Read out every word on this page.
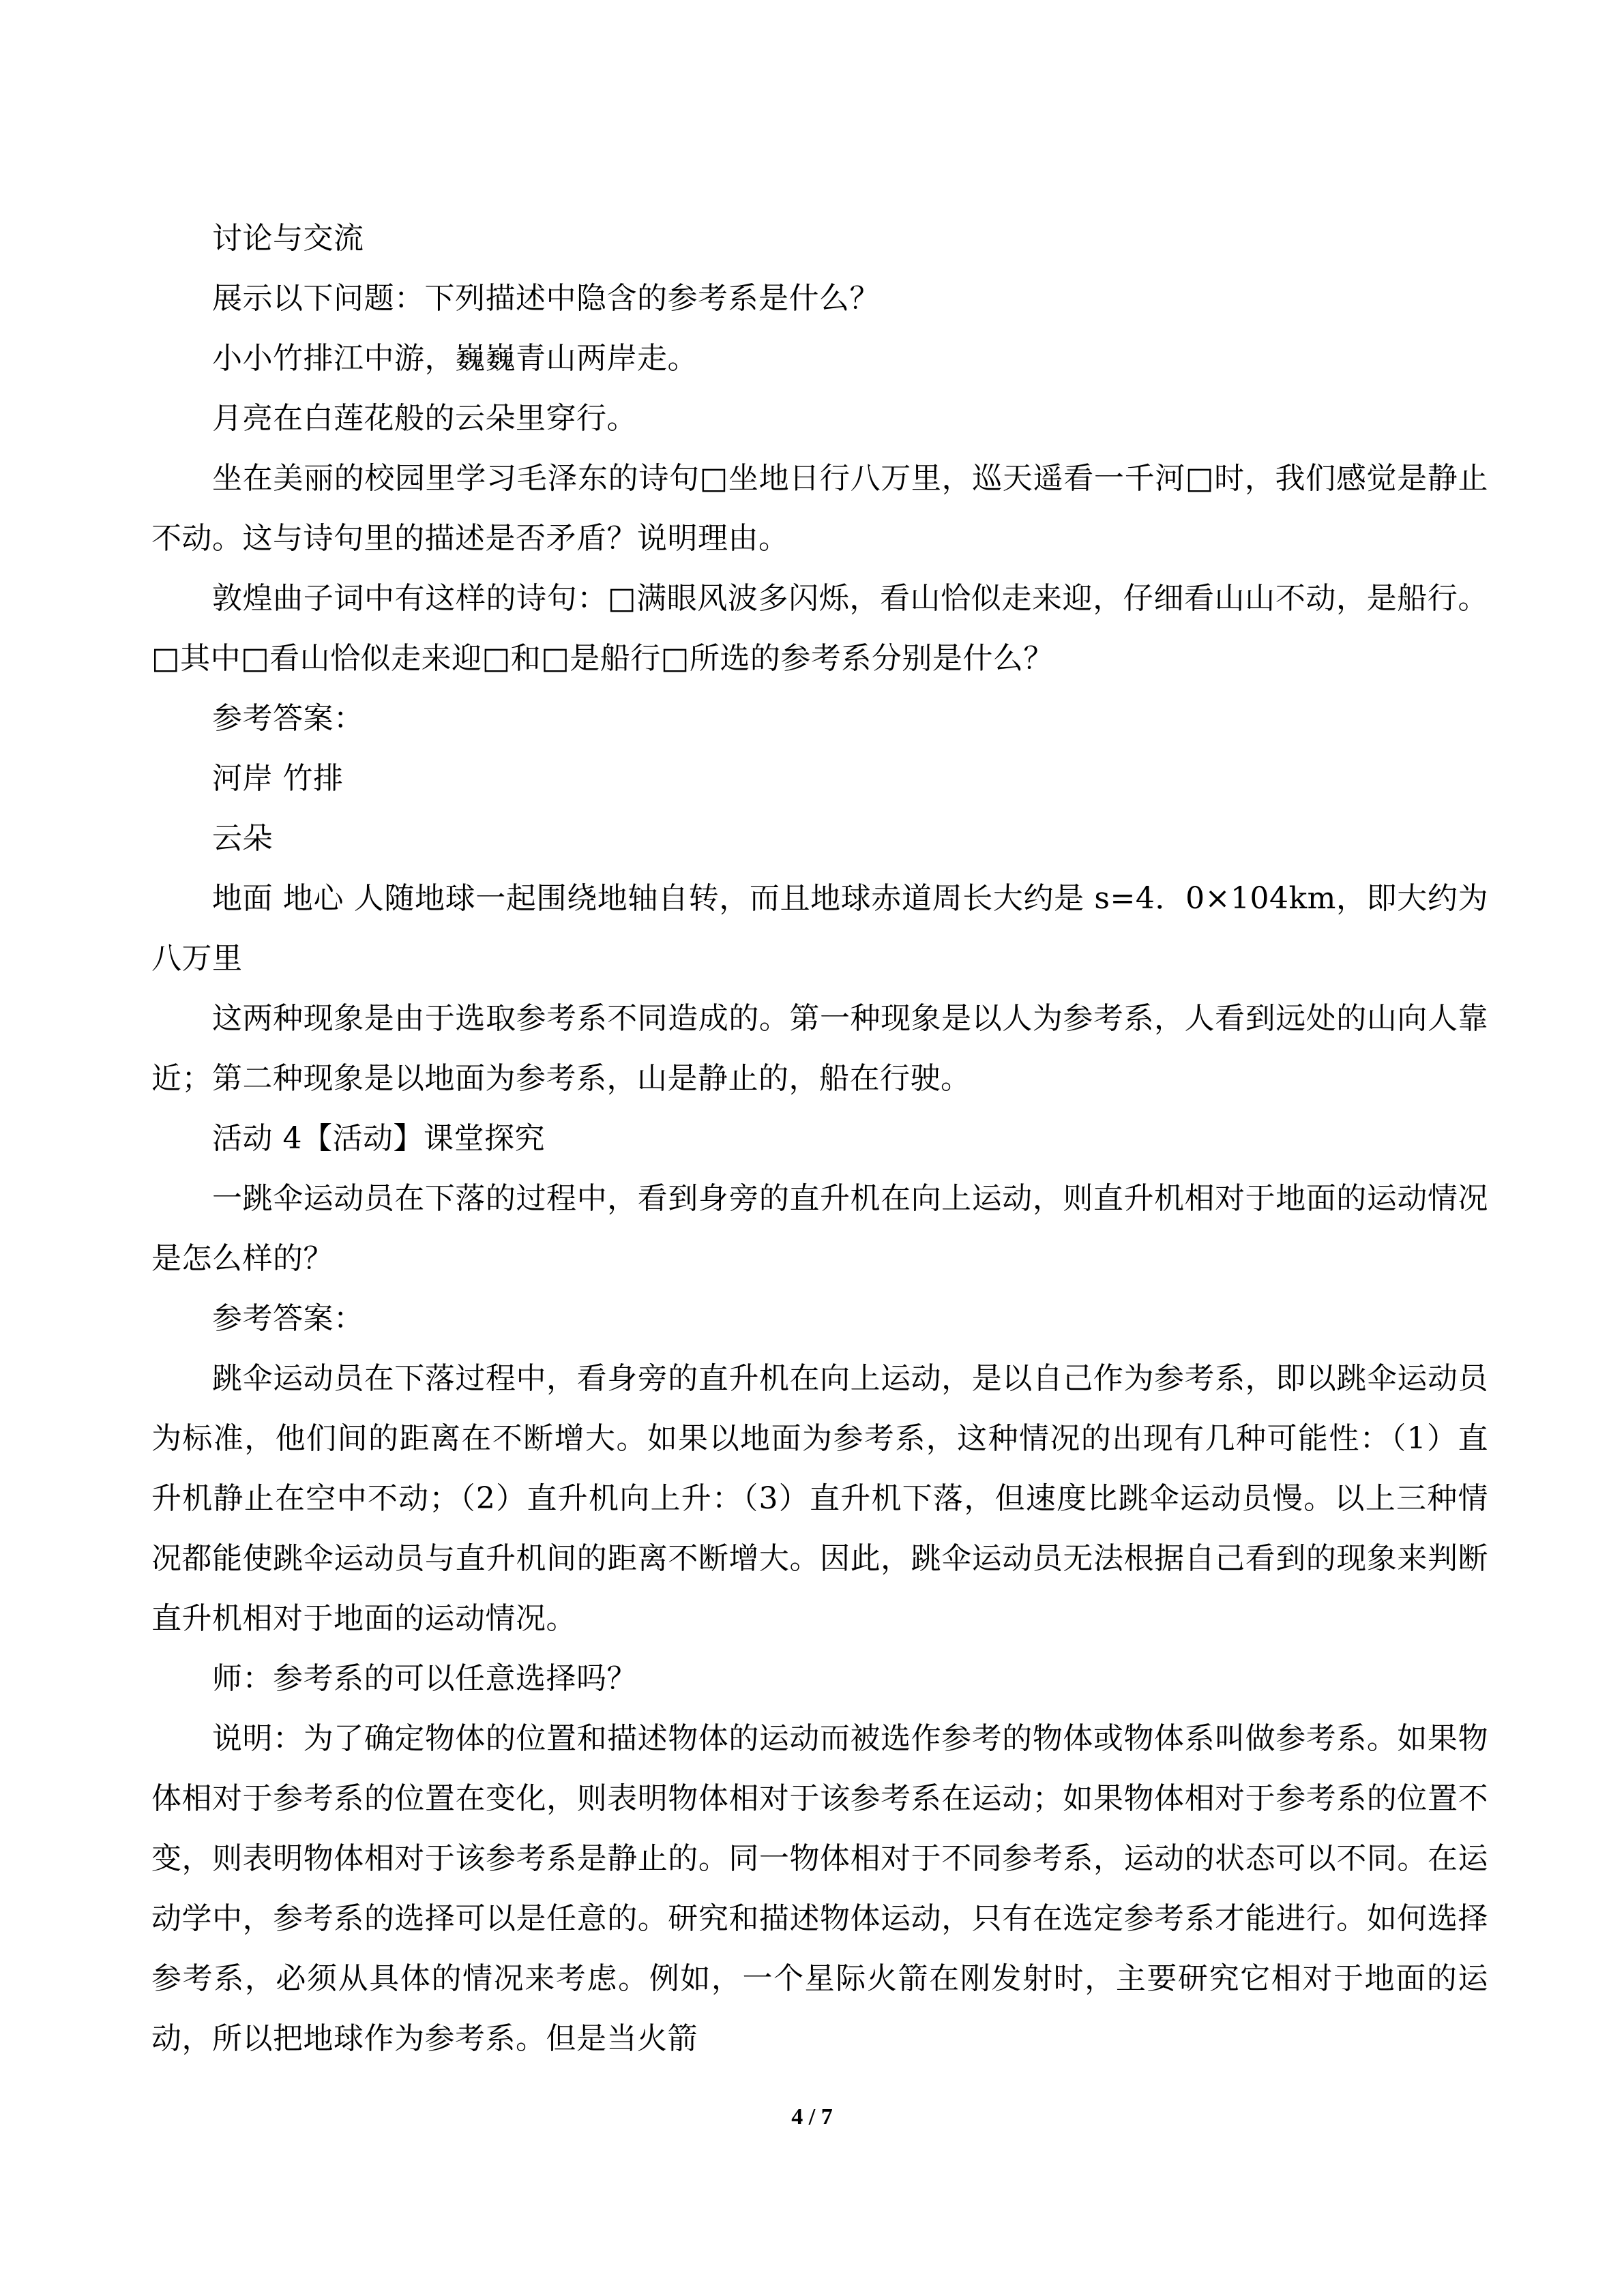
讨论与交流

展示以下问题：下列描述中隐含的参考系是什么？

小小竹排江中游，巍巍青山两岸走。

月亮在白莲花般的云朵里穿行。

坐在美丽的校园里学习毛泽东的诗句□坐地日行八万里，巡天遥看一千河□时，我们感觉是静止不动。这与诗句里的描述是否矛盾？说明理由。

敦煌曲子词中有这样的诗句：□满眼风波多闪烁，看山恰似走来迎，仔细看山山不动，是船行。□其中□看山恰似走来迎□和□是船行□所选的参考系分别是什么？

参考答案：

河岸 竹排

云朵

地面 地心 人随地球一起围绕地轴自转，而且地球赤道周长大约是 s=4．0×104km，即大约为八万里

这两种现象是由于选取参考系不同造成的。第一种现象是以人为参考系，人看到远处的山向人靠近；第二种现象是以地面为参考系，山是静止的，船在行驶。

活动 4【活动】课堂探究

一跳伞运动员在下落的过程中，看到身旁的直升机在向上运动，则直升机相对于地面的运动情况是怎么样的？

参考答案：

跳伞运动员在下落过程中，看身旁的直升机在向上运动，是以自己作为参考系，即以跳伞运动员为标准，他们间的距离在不断增大。如果以地面为参考系，这种情况的出现有几种可能性：（1）直升机静止在空中不动；（2）直升机向上升：（3）直升机下落，但速度比跳伞运动员慢。以上三种情况都能使跳伞运动员与直升机间的距离不断增大。因此，跳伞运动员无法根据自己看到的现象来判断直升机相对于地面的运动情况。

师：参考系的可以任意选择吗？

说明：为了确定物体的位置和描述物体的运动而被选作参考的物体或物体系叫做参考系。如果物体相对于参考系的位置在变化，则表明物体相对于该参考系在运动；如果物体相对于参考系的位置不变，则表明物体相对于该参考系是静止的。同一物体相对于不同参考系，运动的状态可以不同。在运动学中，参考系的选择可以是任意的。研究和描述物体运动，只有在选定参考系才能进行。如何选择参考系，必须从具体的情况来考虑。例如，一个星际火箭在刚发射时，主要研究它相对于地面的运动，所以把地球作为参考系。但是当火箭

4 / 7
